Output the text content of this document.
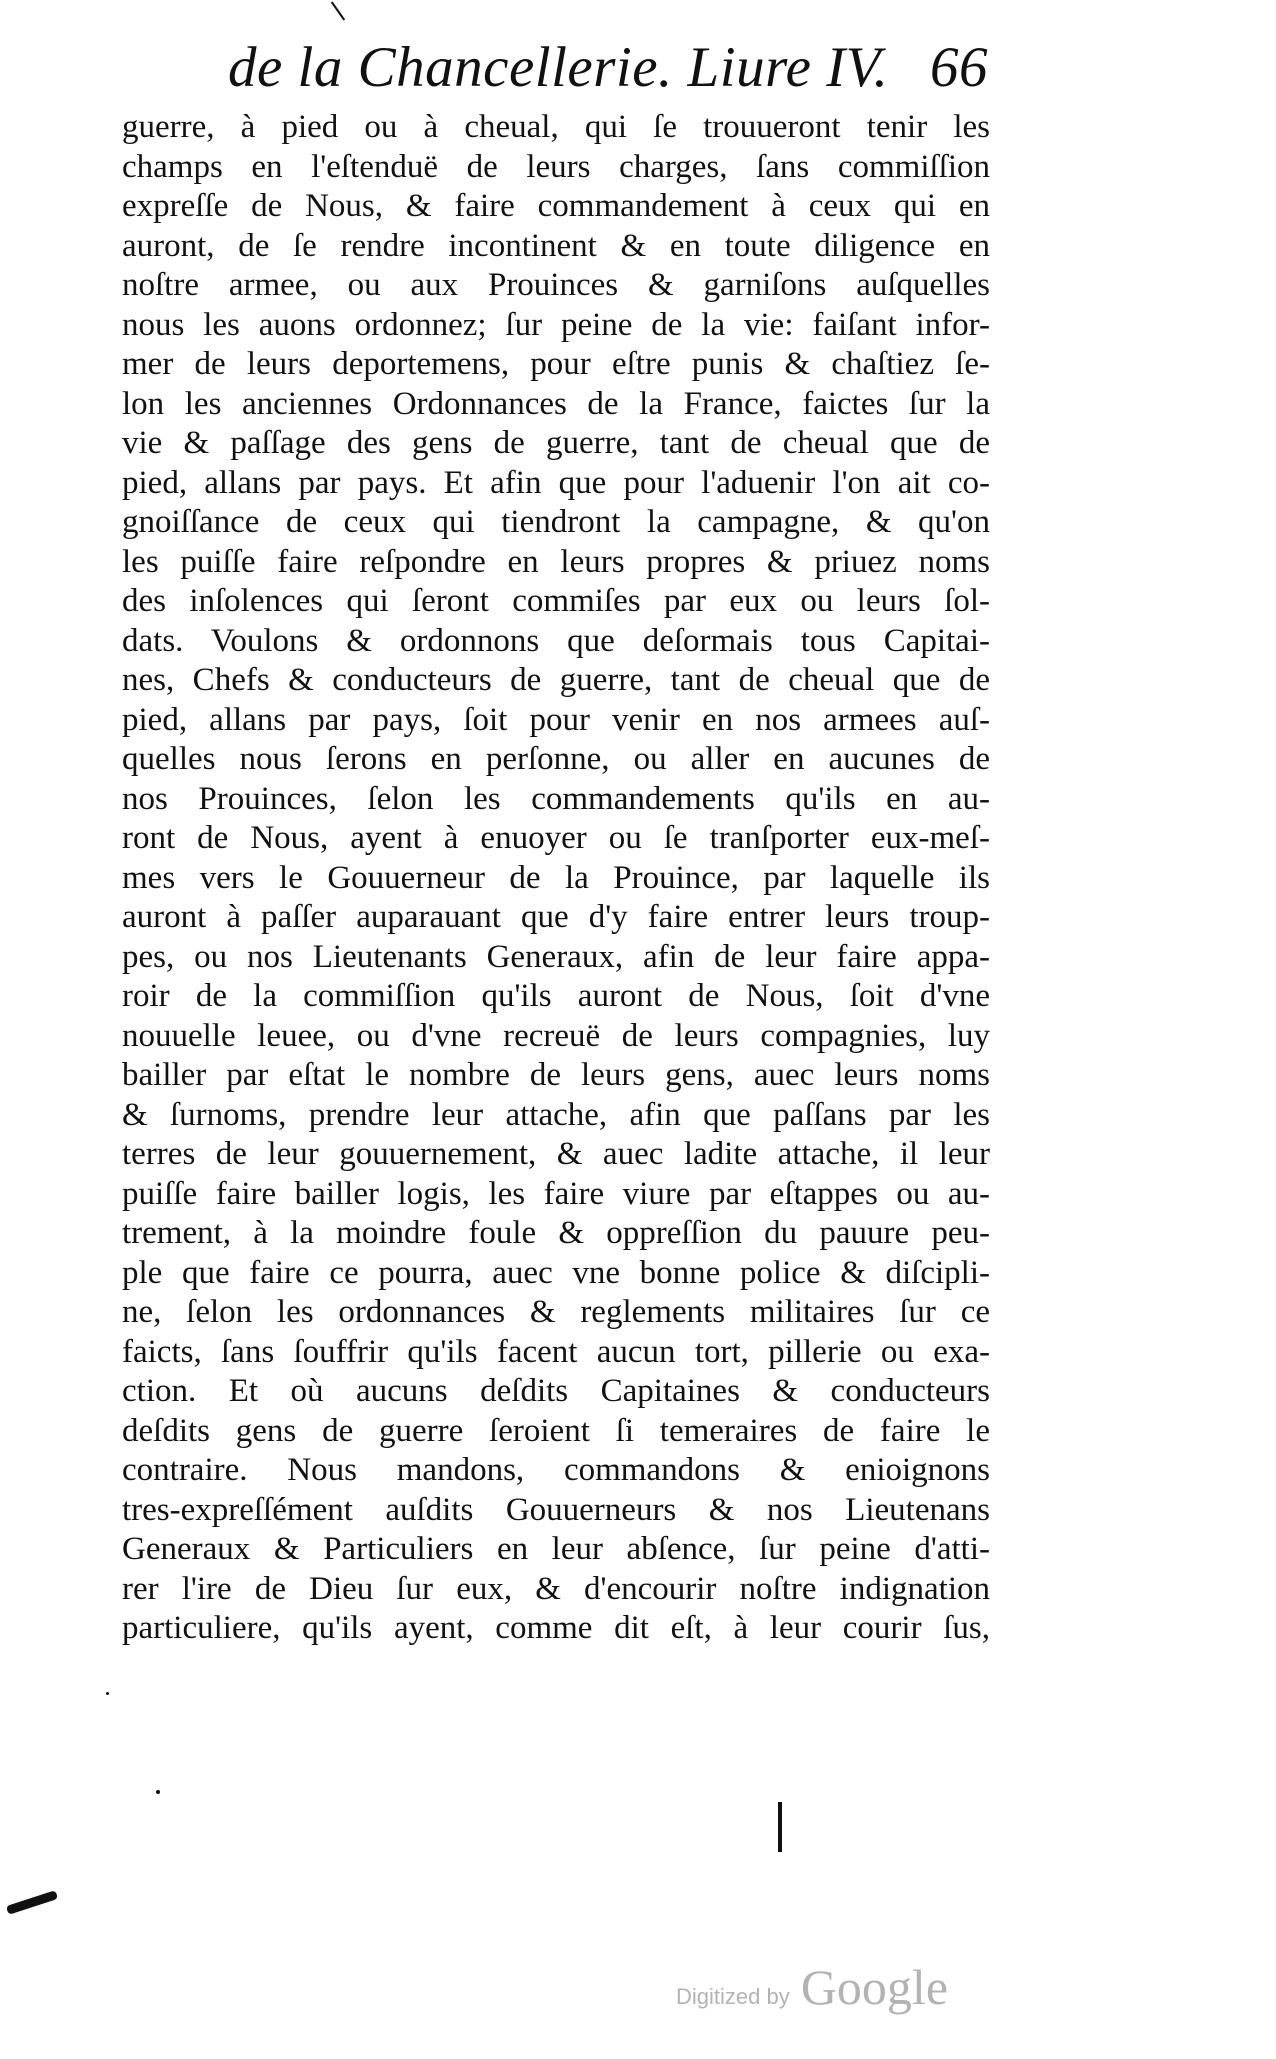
de la Chancellerie. Liure IV. 66
guerre, à pied ou à cheual, qui ſe trouueront tenir les
champs en l'eſtenduë de leurs charges, ſans commiſſion
expreſſe de Nous, & faire commandement à ceux qui en
auront, de ſe rendre incontinent & en toute diligence en
noſtre armee, ou aux Prouinces & garniſons auſquelles
nous les auons ordonnez; ſur peine de la vie: faiſant infor-
mer de leurs deportemens, pour eſtre punis & chaſtiez ſe-
lon les anciennes Ordonnances de la France, faictes ſur la
vie & paſſage des gens de guerre, tant de cheual que de
pied, allans par pays. Et afin que pour l'aduenir l'on ait co-
gnoiſſance de ceux qui tiendront la campagne, & qu'on
les puiſſe faire reſpondre en leurs propres & priuez noms
des inſolences qui ſeront commiſes par eux ou leurs ſol-
dats. Voulons & ordonnons que deſormais tous Capitai-
nes, Chefs & conducteurs de guerre, tant de cheual que de
pied, allans par pays, ſoit pour venir en nos armees auſ-
quelles nous ſerons en perſonne, ou aller en aucunes de
nos Prouinces, ſelon les commandements qu'ils en au-
ront de Nous, ayent à enuoyer ou ſe tranſporter eux-meſ-
mes vers le Gouuerneur de la Prouince, par laquelle ils
auront à paſſer auparauant que d'y faire entrer leurs troup-
pes, ou nos Lieutenants Generaux, afin de leur faire appa-
roir de la commiſſion qu'ils auront de Nous, ſoit d'vne
nouuelle leuee, ou d'vne recreuë de leurs compagnies, luy
bailler par eſtat le nombre de leurs gens, auec leurs noms
& ſurnoms, prendre leur attache, afin que paſſans par les
terres de leur gouuernement, & auec ladite attache, il leur
puiſſe faire bailler logis, les faire viure par eſtappes ou au-
trement, à la moindre foule & oppreſſion du pauure peu-
ple que faire ce pourra, auec vne bonne police & diſcipli-
ne, ſelon les ordonnances & reglements militaires ſur ce
faicts, ſans ſouffrir qu'ils facent aucun tort, pillerie ou exa-
ction. Et où aucuns deſdits Capitaines & conducteurs
deſdits gens de guerre ſeroient ſi temeraires de faire le
contraire. Nous mandons, commandons & enioignons
tres-expreſſément auſdits Gouuerneurs & nos Lieutenans
Generaux & Particuliers en leur abſence, ſur peine d'atti-
rer l'ire de Dieu ſur eux, & d'encourir noſtre indignation
particuliere, qu'ils ayent, comme dit eſt, à leur courir ſus,
Digitized by Google
